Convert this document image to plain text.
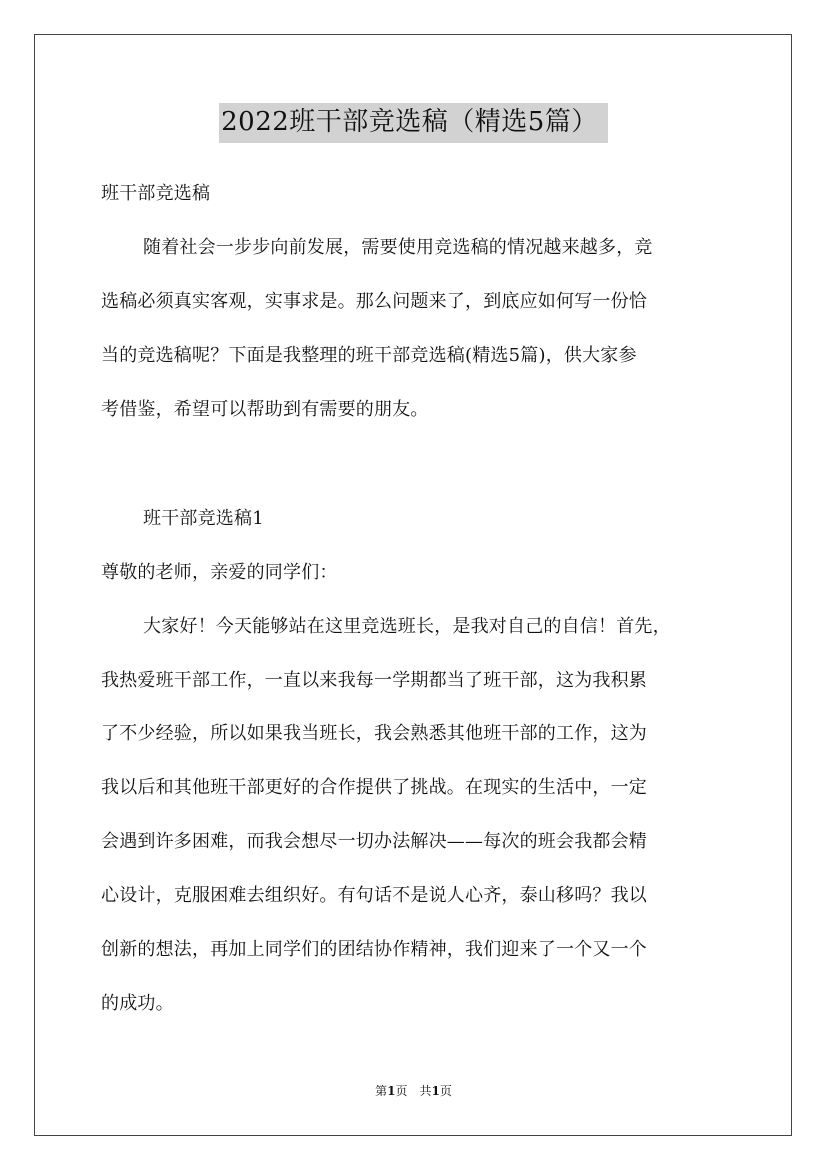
2022班干部竞选稿（精选5篇）
班干部竞选稿
随着社会一步步向前发展，需要使用竞选稿的情况越来越多，竞
选稿必须真实客观，实事求是。那么问题来了，到底应如何写一份恰
当的竞选稿呢？下面是我整理的班干部竞选稿(精选5篇)，供大家参
考借鉴，希望可以帮助到有需要的朋友。
班干部竞选稿1
尊敬的老师，亲爱的同学们：
大家好！今天能够站在这里竞选班长，是我对自己的自信！首先，
我热爱班干部工作，一直以来我每一学期都当了班干部，这为我积累
了不少经验，所以如果我当班长，我会熟悉其他班干部的工作，这为
我以后和其他班干部更好的合作提供了挑战。在现实的生活中，一定
会遇到许多困难，而我会想尽一切办法解决——每次的班会我都会精
心设计，克服困难去组织好。有句话不是说人心齐，泰山移吗？我以
创新的想法，再加上同学们的团结协作精神，我们迎来了一个又一个
的成功。
第1页　共1页
